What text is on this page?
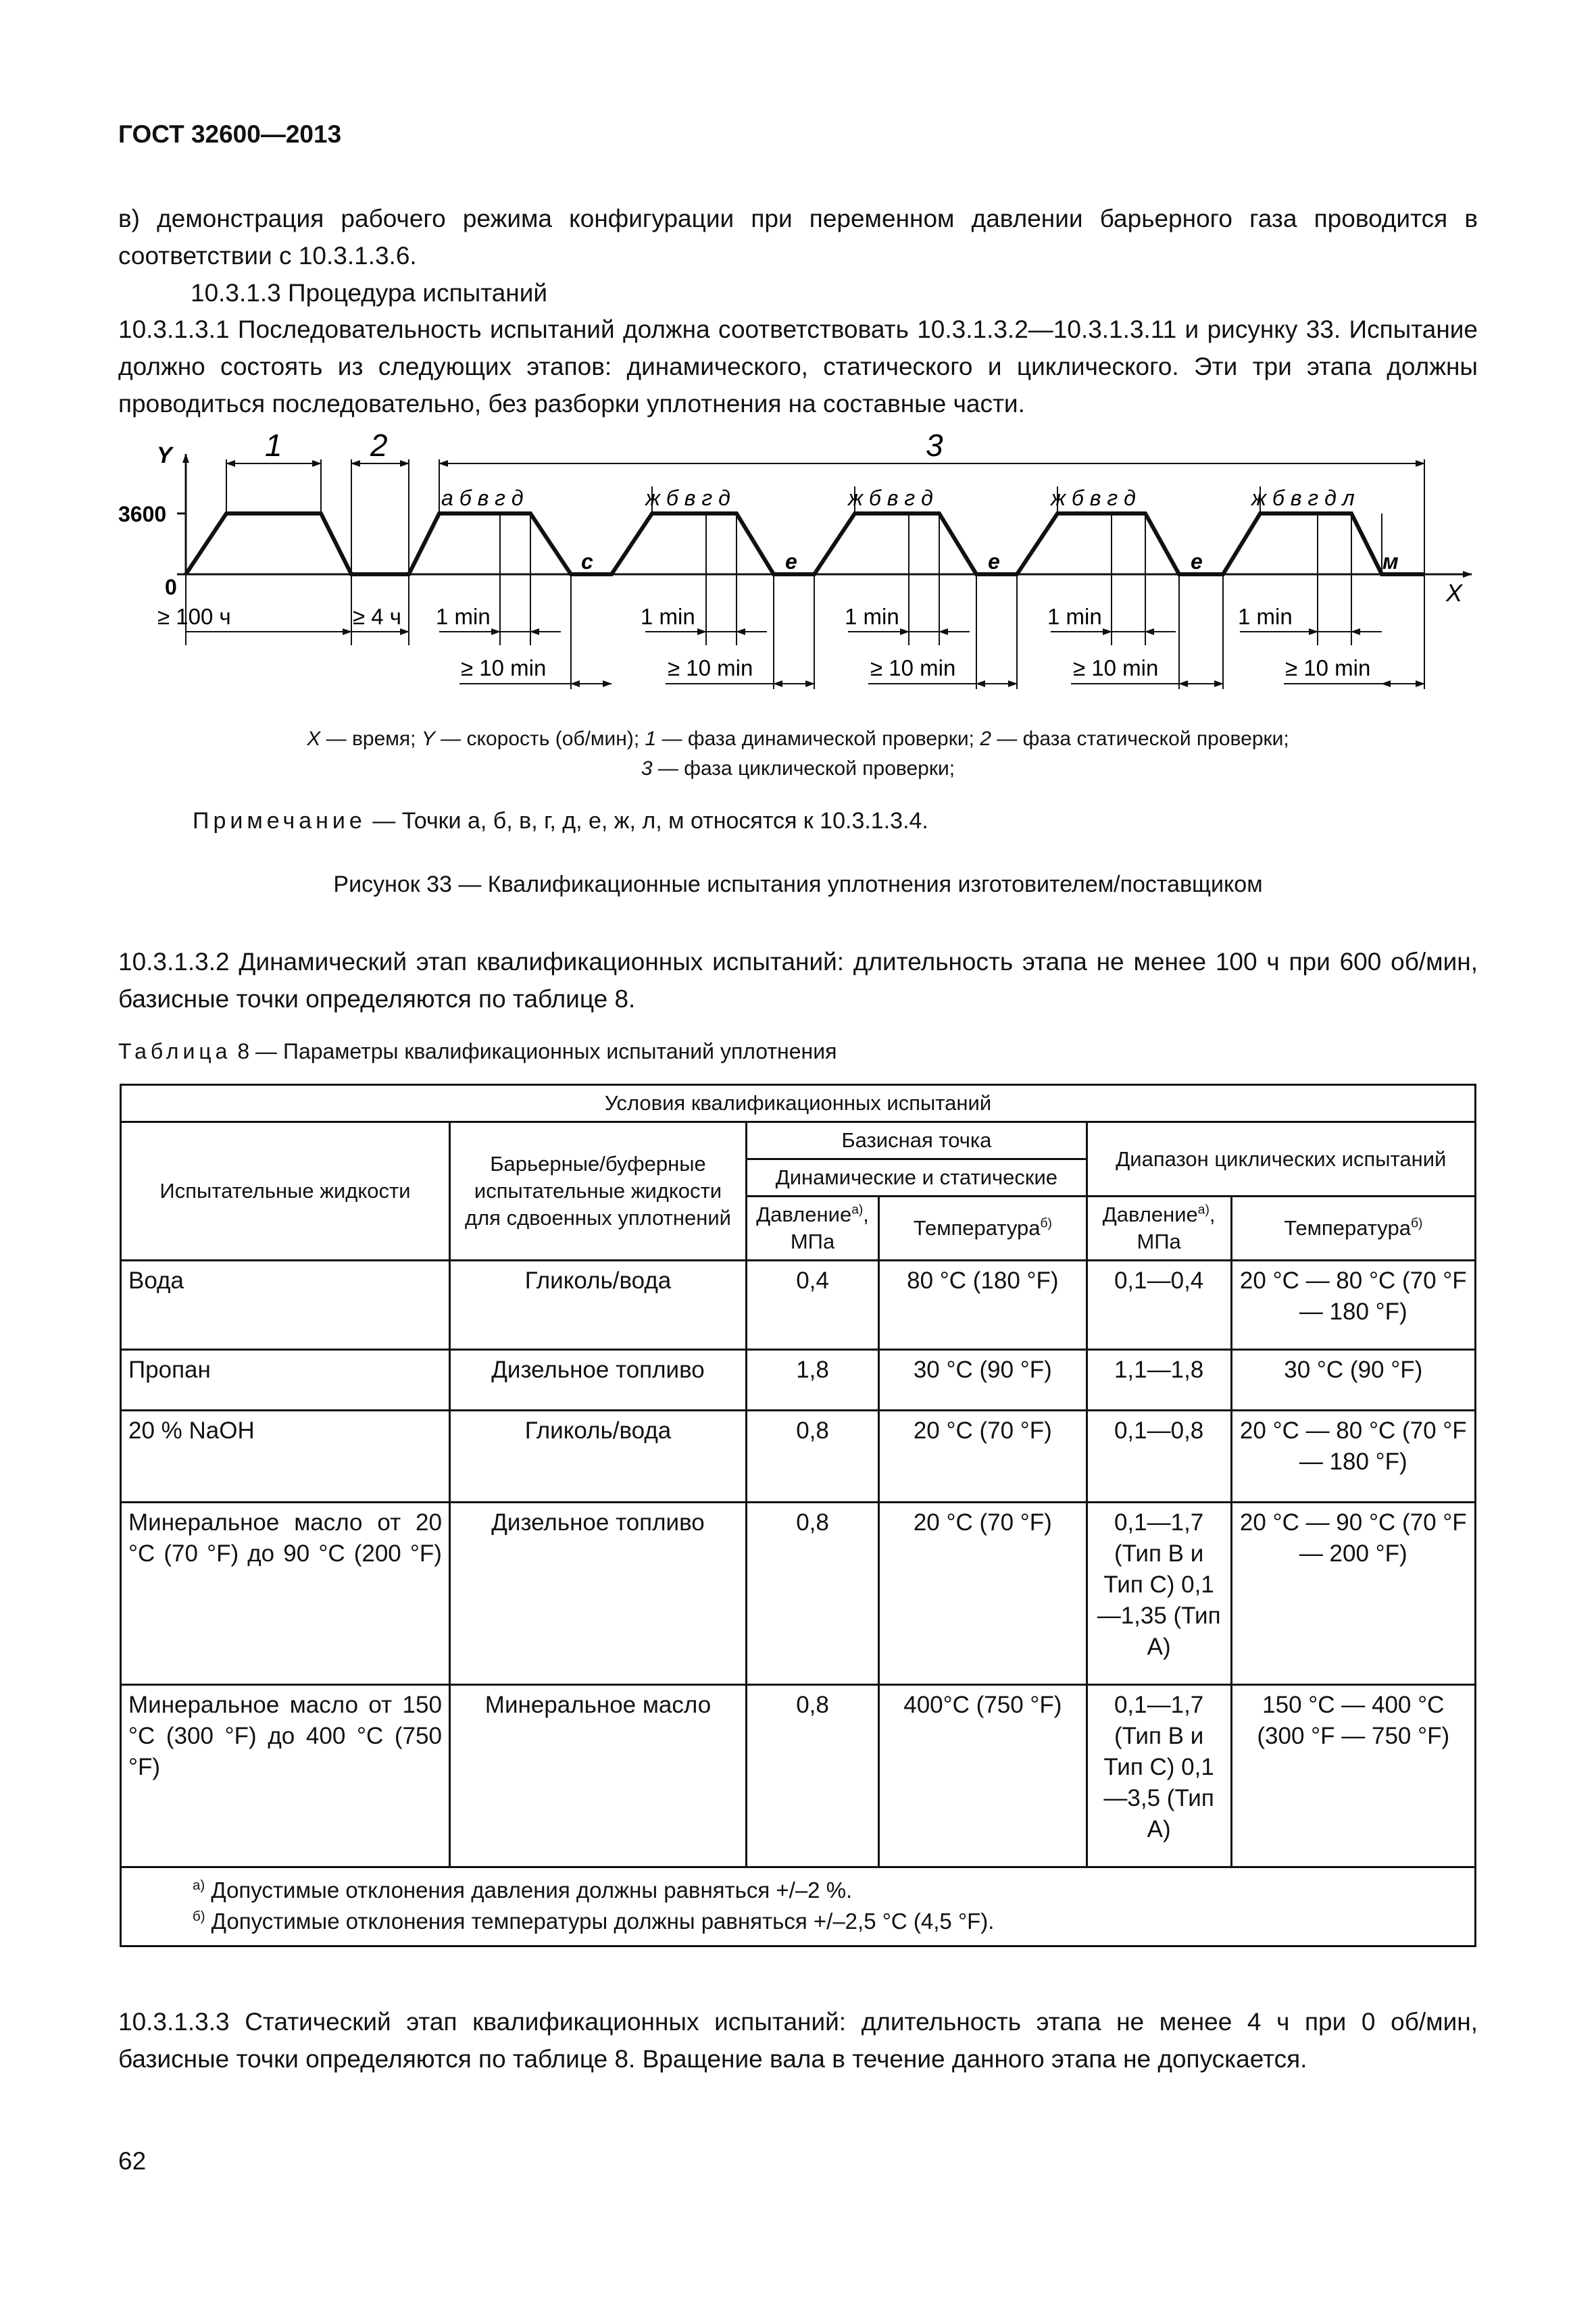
ГОСТ 32600—2013
в) демонстрация рабочего режима конфигурации при переменном давлении барьерного газа проводится в соответствии с 10.3.1.3.6.
10.3.1.3 Процедура испытаний
10.3.1.3.1 Последовательность испытаний должна соответствовать 10.3.1.3.2—10.3.1.3.11 и рисунку 33. Испытание должно состоять из следующих этапов: динамического, статического и циклического. Эти три этапа должны проводиться последовательно, без разборки уплотнения на составные части.
Y
X
3600
0
1	2	3
а б в г д	ж б в г д	ж б в г д	ж б в г д	ж б в г д л
с	е	е	е	м
≥ 100 ч	≥ 4 ч 1 min	1 min	1 min	1 min	1 min
≥ 10 min	≥ 10 min	≥ 10 min	≥ 10 min	≥ 10 min
X — время; Y — скорость (об/мин); 1 — фаза динамической проверки; 2 — фаза статической проверки;
3 — фаза циклической проверки;
Примечание — Точки а, б, в, г, д, е, ж, л, м относятся к 10.3.1.3.4.
Рисунок 33 — Квалификационные испытания уплотнения изготовителем/поставщиком
10.3.1.3.2 Динамический этап квалификационных испытаний: длительность этапа не менее 100 ч при 600 об/мин, базисные точки определяются по таблице 8.
Таблица 8 — Параметры квалификационных испытаний уплотнения
Условия квалификационных испытаний					
Испытательные жидкости	Барьерные/буферные испытательные жидкости для сдвоенных уплотнений	Базисная точка		Диапазон циклических испытаний	
		Динамические и статические			
		Давление$^{а)}$, МПа	Температура$^{б)}$	Давление$^{а)}$, МПа	Температура$^{б)}$
Вода	Гликоль/вода	0,4	80 °С (180 °F)	0,1—0,4	20 °С — 80 °С (70 °F — 180 °F)
Пропан	Дизельное топливо	1,8	30 °С (90 °F)	1,1—1,8	30 °С (90 °F)
20 % NaOH	Гликоль/вода	0,8	20 °С (70 °F)	0,1—0,8	20 °С — 80 °С (70 °F — 180 °F)
Минеральное масло от 20 °С (70 °F) до 90 °С (200 °F)	Дизельное топливо	0,8	20 °С (70 °F)	0,1—1,7 (Тип B и Тип C) 0,1—1,35 (Тип A)	20 °С — 90 °С (70 °F — 200 °F)
Минеральное масло от 150 °С (300 °F) до 400 °С (750 °F)	Минеральное масло	0,8	400°С (750 °F)	0,1—1,7 (Тип B и Тип C) 0,1—3,5 (Тип A)	150 °С — 400 °С (300 °F — 750 °F)

$^{а)}$ Допустимые отклонения давления должны равняться +/–2 %.
$^{б)}$ Допустимые отклонения температуры должны равняться +/–2,5 °С (4,5 °F).					
10.3.1.3.3 Статический этап квалификационных испытаний: длительность этапа не менее 4 ч при 0 об/мин, базисные точки определяются по таблице 8. Вращение вала в течение данного этапа не допускается.
62
